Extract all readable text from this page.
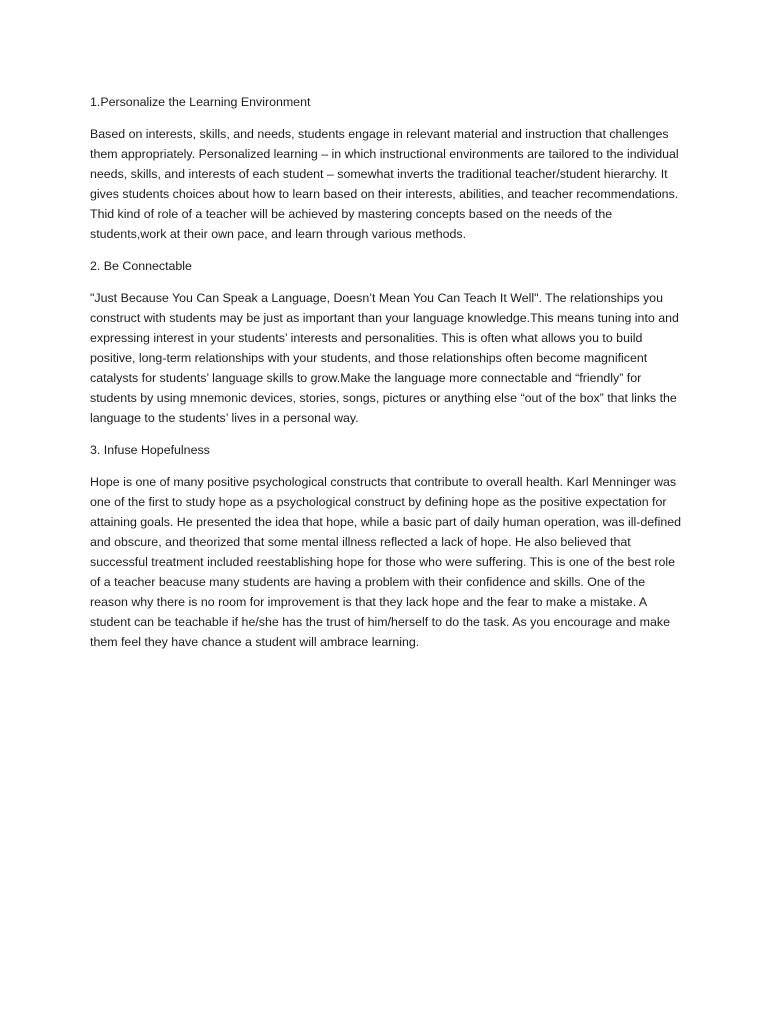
1.Personalize the Learning Environment

Based on interests, skills, and needs, students engage in relevant material and instruction that challenges them appropriately. Personalized learning – in which instructional environments are tailored to the individual needs, skills, and interests of each student – somewhat inverts the traditional teacher/student hierarchy. It gives students choices about how to learn based on their interests, abilities, and teacher recommendations. Thid kind of role of a teacher will be achieved by mastering concepts based on the needs of the students,work at their own pace, and learn through various methods.

2. Be Connectable

"Just Because You Can Speak a Language, Doesn’t Mean You Can Teach It Well". The relationships you construct with students may be just as important than your language knowledge.This means tuning into and expressing interest in your students’ interests and personalities. This is often what allows you to build positive, long-term relationships with your students, and those relationships often become magnificent catalysts for students’ language skills to grow.Make the language more connectable and “friendly” for students by using mnemonic devices, stories, songs, pictures or anything else “out of the box” that links the language to the students’ lives in a personal way.

3. Infuse Hopefulness

Hope is one of many positive psychological constructs that contribute to overall health. Karl Menninger was one of the first to study hope as a psychological construct by defining hope as the positive expectation for attaining goals. He presented the idea that hope, while a basic part of daily human operation, was ill-defined and obscure, and theorized that some mental illness reflected a lack of hope. He also believed that successful treatment included reestablishing hope for those who were suffering. This is one of the best role of a teacher beacuse many students are having a problem with their confidence and skills. One of the reason why there is no room for improvement is that they lack hope and the fear to make a mistake. A student can be teachable if he/she has the trust of him/herself to do the task. As you encourage and make them feel they have chance a student will ambrace learning.
